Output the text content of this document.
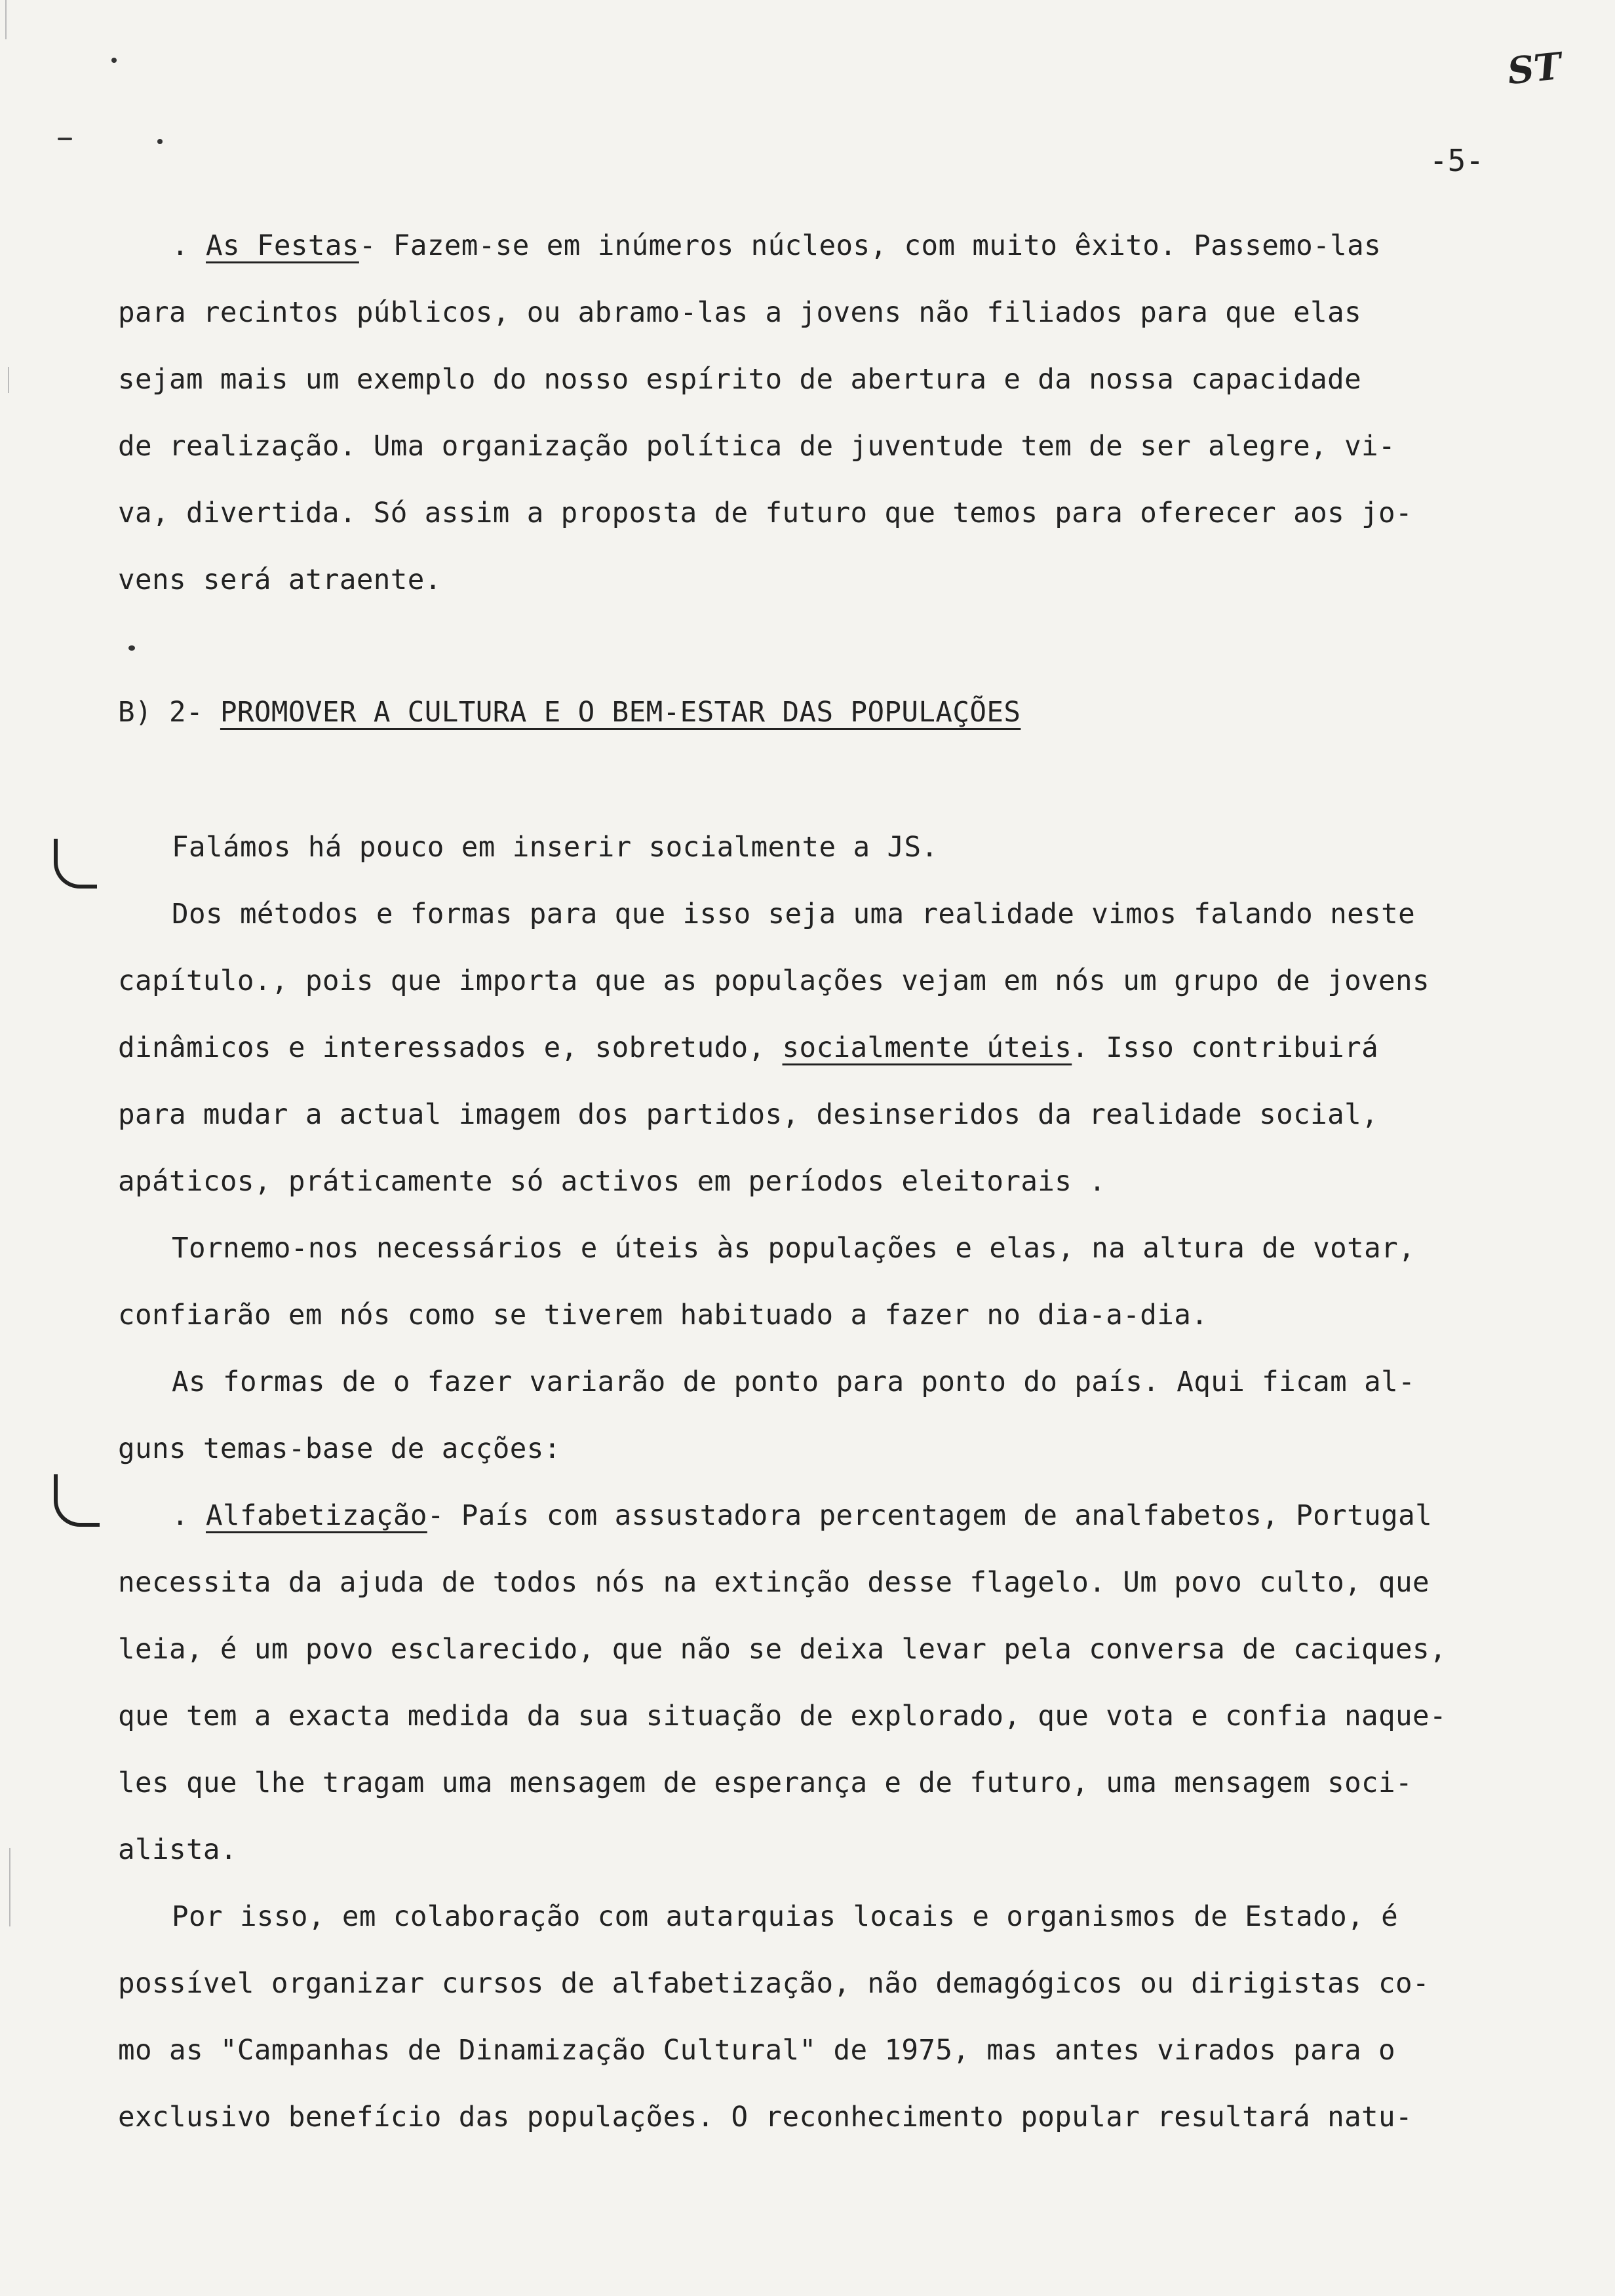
ST
-5-
. As Festas- Fazem-se em inúmeros núcleos, com muito êxito. Passemo-las
para recintos públicos, ou abramo-las a jovens não filiados para que elas
sejam mais um exemplo do nosso espírito de abertura e da nossa capacidade
de realização. Uma organização política de juventude tem de ser alegre, vi-
va, divertida. Só assim a proposta de futuro que temos para oferecer aos jo-
vens será atraente.
B) 2- PROMOVER A CULTURA E O BEM-ESTAR DAS POPULAÇÕES
Falámos há pouco em inserir socialmente a JS.
Dos métodos e formas para que isso seja uma realidade vimos falando neste
capítulo., pois que importa que as populações vejam em nós um grupo de jovens
dinâmicos e interessados e, sobretudo, socialmente úteis. Isso contribuirá
para mudar a actual imagem dos partidos, desinseridos da realidade social,
apáticos, práticamente só activos em períodos eleitorais .
Tornemo-nos necessários e úteis às populações e elas, na altura de votar,
confiarão em nós como se tiverem habituado a fazer no dia-a-dia.
As formas de o fazer variarão de ponto para ponto do país. Aqui ficam al-
guns temas-base de acções:
. Alfabetização- País com assustadora percentagem de analfabetos, Portugal
necessita da ajuda de todos nós na extinção desse flagelo. Um povo culto, que
leia, é um povo esclarecido, que não se deixa levar pela conversa de caciques,
que tem a exacta medida da sua situação de explorado, que vota e confia naque-
les que lhe tragam uma mensagem de esperança e de futuro, uma mensagem soci-
alista.
Por isso, em colaboração com autarquias locais e organismos de Estado, é
possível organizar cursos de alfabetização, não demagógicos ou dirigistas co-
mo as "Campanhas de Dinamização Cultural" de 1975, mas antes virados para o
exclusivo benefício das populações. O reconhecimento popular resultará natu-
